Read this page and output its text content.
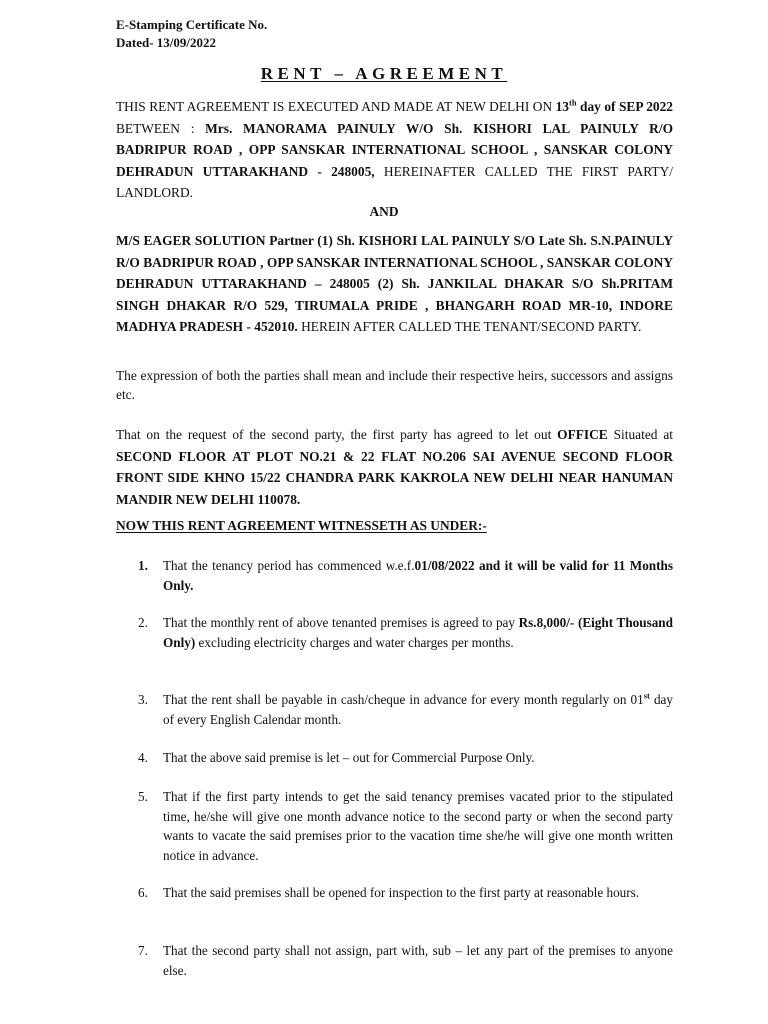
E-Stamping Certificate No.
Dated- 13/09/2022
RENT – AGREEMENT
THIS RENT AGREEMENT IS EXECUTED AND MADE AT NEW DELHI ON 13th day of SEP 2022 BETWEEN : Mrs. MANORAMA PAINULY W/O Sh. KISHORI LAL PAINULY R/O BADRIPUR ROAD , OPP SANSKAR INTERNATIONAL SCHOOL , SANSKAR COLONY DEHRADUN UTTARAKHAND - 248005, HEREINAFTER CALLED THE FIRST PARTY/ LANDLORD.
AND
M/S EAGER SOLUTION Partner (1) Sh. KISHORI LAL PAINULY S/O Late Sh. S.N.PAINULY R/O BADRIPUR ROAD , OPP SANSKAR INTERNATIONAL SCHOOL , SANSKAR COLONY DEHRADUN UTTARAKHAND – 248005 (2) Sh. JANKILAL DHAKAR S/O Sh.PRITAM SINGH DHAKAR R/O 529, TIRUMALA PRIDE , BHANGARH ROAD MR-10, INDORE MADHYA PRADESH - 452010. HEREIN AFTER CALLED THE TENANT/SECOND PARTY.
The expression of both the parties shall mean and include their respective heirs, successors and assigns etc.
That on the request of the second party, the first party has agreed to let out OFFICE Situated at SECOND FLOOR AT PLOT NO.21 & 22 FLAT NO.206 SAI AVENUE SECOND FLOOR FRONT SIDE KHNO 15/22 CHANDRA PARK KAKROLA NEW DELHI NEAR HANUMAN MANDIR NEW DELHI 110078.
NOW THIS RENT AGREEMENT WITNESSETH AS UNDER:-
1.	That the tenancy period has commenced w.e.f.01/08/2022 and it will be valid for 11 Months Only.
2.	That the monthly rent of above tenanted premises is agreed to pay Rs.8,000/- (Eight Thousand Only) excluding electricity charges and water charges per months.
3.	That the rent shall be payable in cash/cheque in advance for every month regularly on 01st day of every English Calendar month.
4.	That the above said premise is let – out for Commercial Purpose Only.
5.	That if the first party intends to get the said tenancy premises vacated prior to the stipulated time, he/she will give one month advance notice to the second party or when the second party wants to vacate the said premises prior to the vacation time she/he will give one month written notice in advance.
6.	That the said premises shall be opened for inspection to the first party at reasonable hours.
7.	That the second party shall not assign, part with, sub – let any part of the premises to anyone else.
